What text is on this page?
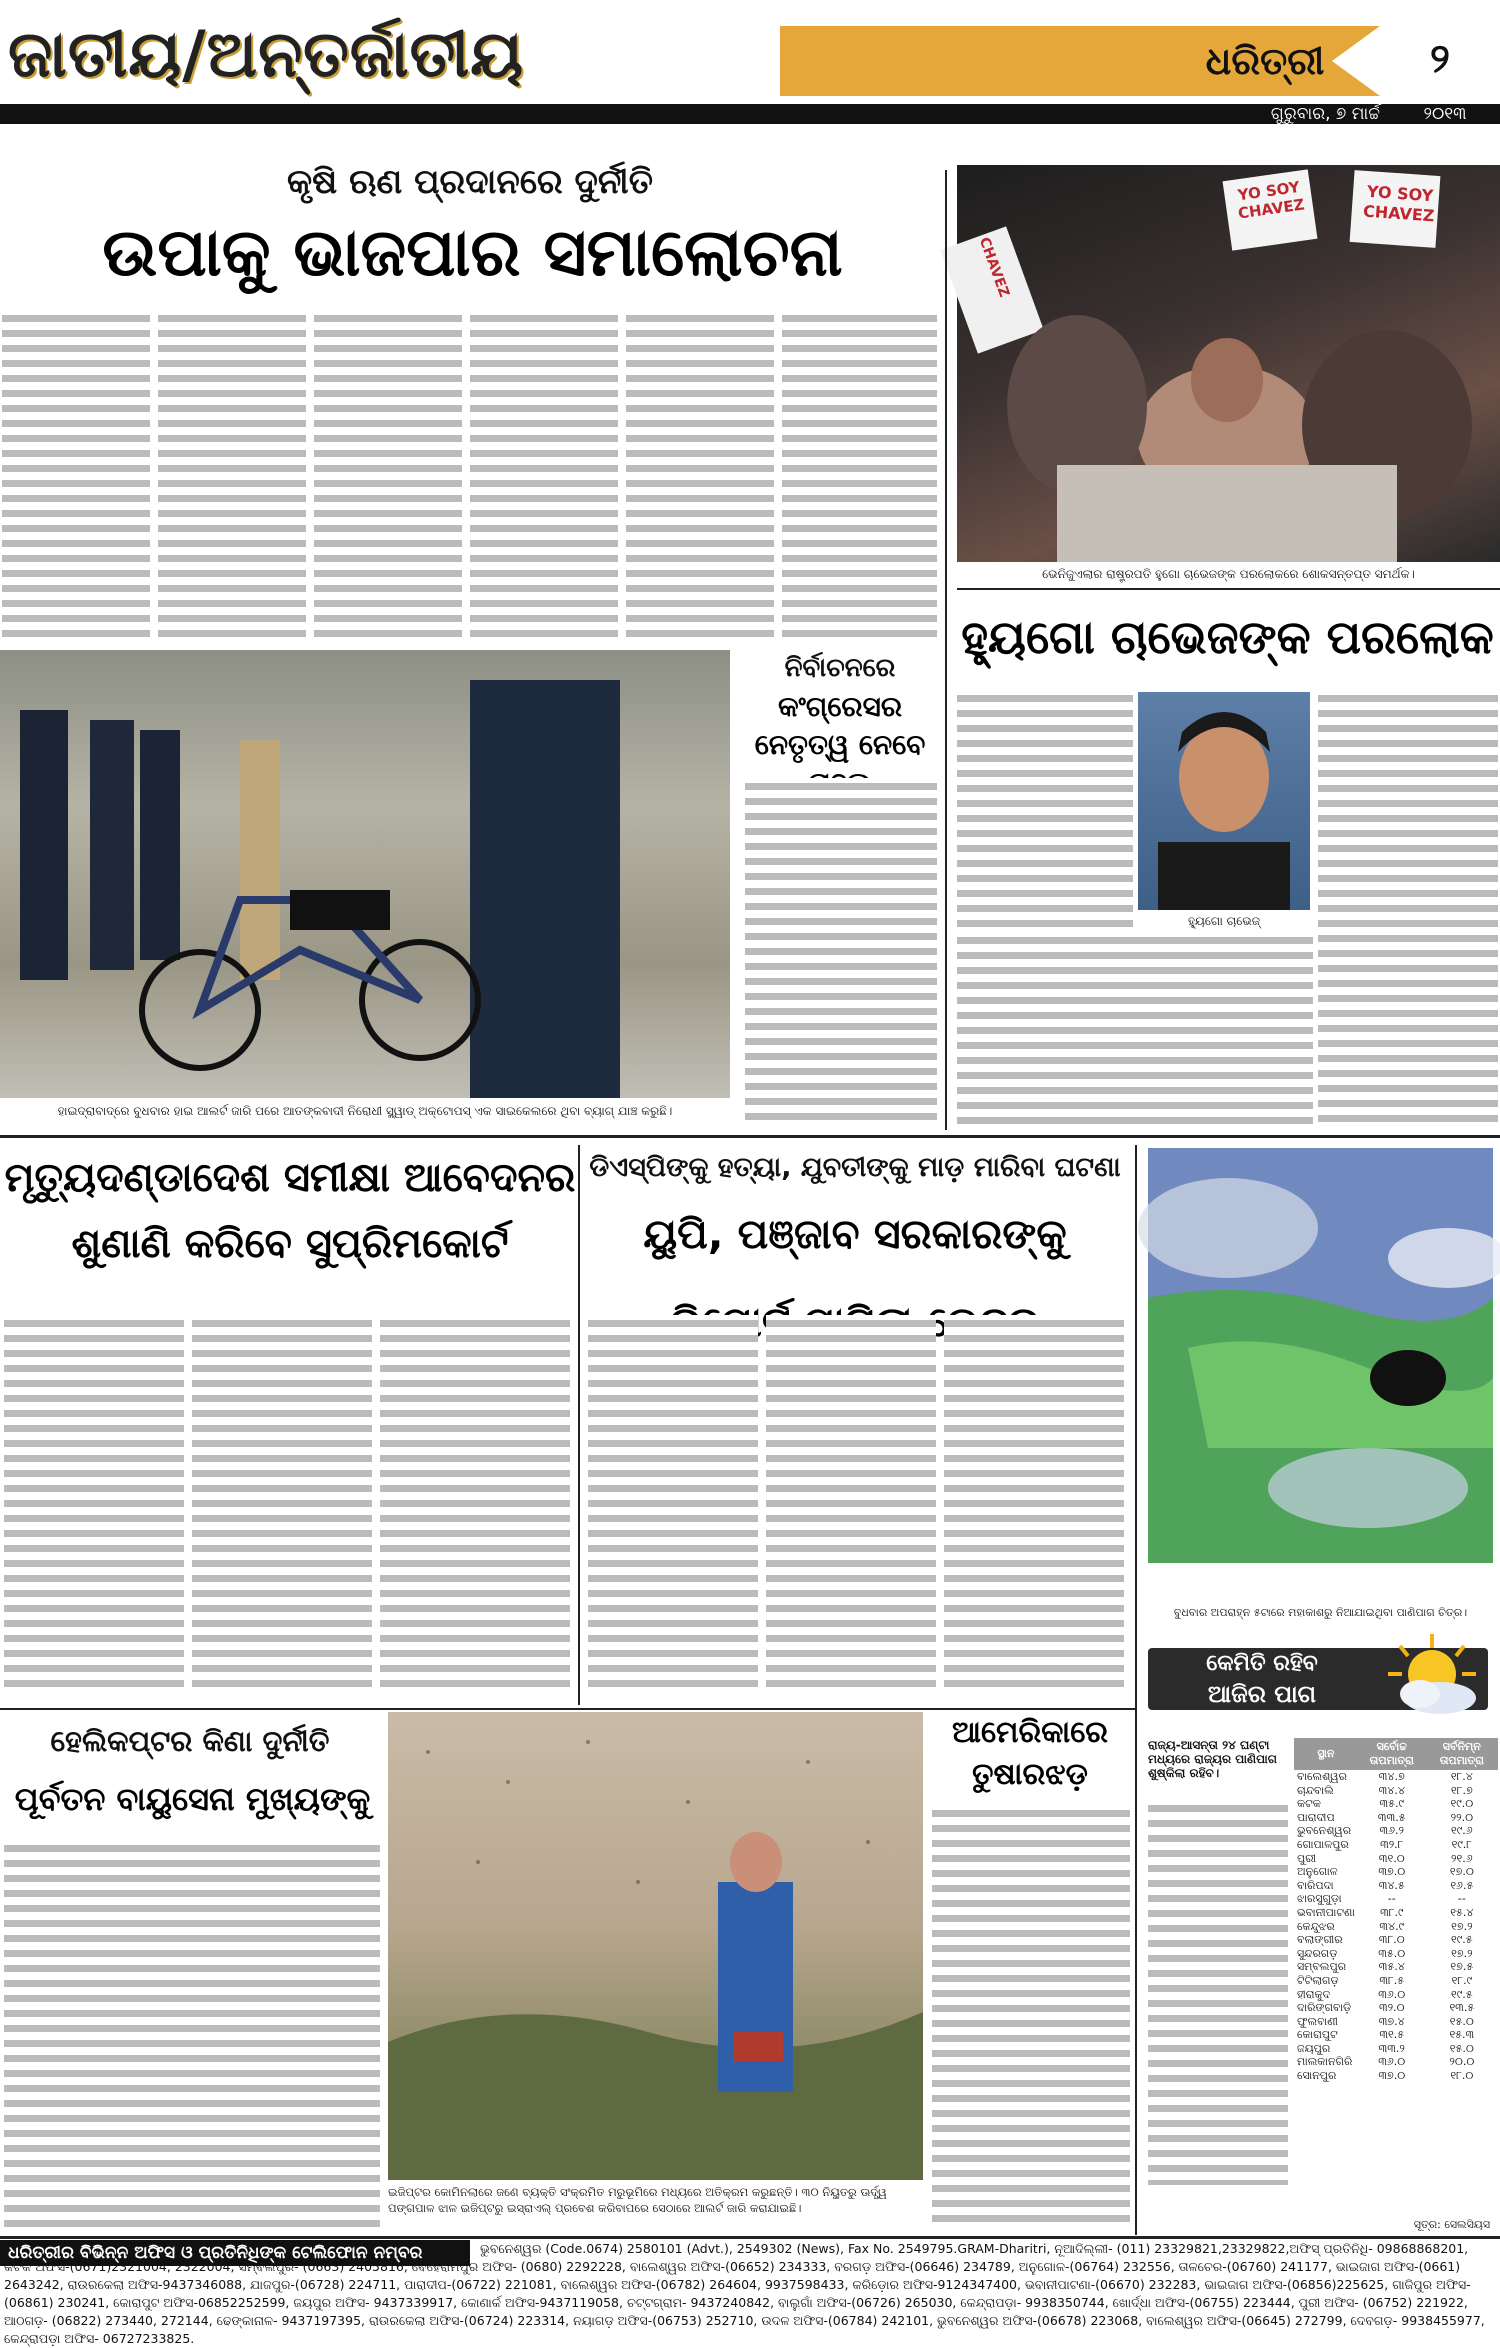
ଜାତୀୟ/ଅନ୍ତର୍ଜାତୀୟ	ଧରିତ୍ରୀ	୨
ଗୁରୁବାର, ୭ ମାର୍ଚ୍ଚ	୨୦୧୩
କୃଷି ଋଣ ପ୍ରଦାନରେ ଦୁର୍ନୀତି
ଉପାକୁ ଭାଜପାର ସମାଲୋଚନା
YO SOY CHAVEZ
YO SOY CHAVEZ
CHAVEZ
ଭେନିଜୁଏଲାର ରାଷ୍ଟ୍ରପତି ହୁଗୋ ଚାଭେଜଙ୍କ ପରଲୋକରେ ଶୋକସନ୍ତପ୍ତ ସମର୍ଥକ।
ହାଇଦ୍ରାବାଦ୍‌ରେ ବୁଧବାର ହାଇ ଆଲର୍ଟ ଜାରି ପରେ ଆତଙ୍କବାଦୀ ନିରୋଧୀ ସ୍କ୍ୱାଡ୍ ଅକ୍ଟୋପସ୍ ଏକ ସାଇକେଲରେ ଥିବା ବ୍ୟାଗ୍ ଯାଞ୍ଚ କରୁଛି।
ନିର୍ବାଚନରେ
କଂଗ୍ରେସର ନେତୃତ୍ୱ ନେବେ
ହ୍ୟୁଗୋ ଚାଭେଜଙ୍କ ପରଲୋକ
ହ୍ୟୁଗୋ ଚାଭେଜ୍
ମୃତ୍ୟୁଦଣ୍ଡାଦେଶ ସମୀକ୍ଷା ଆବେଦନର ଶୁଣାଣି କରିବେ ସୁପ୍ରିମକୋର୍ଟ
ଡିଏସ୍‌ପିଙ୍କୁ ହତ୍ୟା, ଯୁବତୀଙ୍କୁ ମାଡ଼ ମାରିବା ଘଟଣା
ୟୁପି, ପଞ୍ଜାବ ସରକାରଙ୍କୁ
ବୁଧବାର ଅପରାହ୍ନ ୫ଟାରେ ମହାକାଶରୁ ନିଆଯାଇଥିବା ପାଣିପାଗ ଚିତ୍ର।
କେମିତି ରହିବ
ଆଜିର ପାଗ
ରାଜ୍ୟ-ଆସନ୍ତା ୨୪ ଘଣ୍ଟା ମଧ୍ୟରେ ରାଜ୍ୟର ପାଣିପାଗ ଶୁଷ୍କିଲା ରହିବ।
ସ୍ଥାନ	ସର୍ବୋଚ୍ଚ ତାପମାତ୍ରା	ସର୍ବନିମ୍ନ ତାପମାତ୍ରା
ବାଲେଶ୍ୱର	୩୪.୭	୧୮.୪
ଚାନ୍ଦବାଲି	୩୪.୪	୧୮.୭
କଟକ	୩୫.୯	୧୯.୦
ପାରାଦୀପ	୩୩.୫	୨୨.୦
ଭୁବନେଶ୍ୱର	୩୬.୨	୧୯.୬
ଗୋପାଳପୁର	୩୨.୮	୧୯.୮
ପୁରୀ	୩୧.୦	୨୧.୬
ଅନୁଗୋଳ	୩୭.୦	୧୭.୦
ବାରିପଦା	୩୪.୫	୧୬.୫
ଝାରସୁଗୁଡ଼ା	--	--
ଭବାନୀପାଟଣା	୩୮.୯	୧୫.୪
କେନ୍ଦୁଝର	୩୪.୯	୧୭.୨
ବଲାଙ୍ଗୀର	୩୮.୦	୧୯.୫
ସୁନ୍ଦରଗଡ଼	୩୫.୦	୧୭.୨
ସମ୍ବଲପୁର	୩୫.୪	୧୭.୫
ଟିଟିଲାଗଡ଼	୩୮.୫	୧୮.୯
ହୀରାକୁଦ	୩୬.୦	୧୯.୫
ଦାରିଙ୍ଗବାଡ଼ି	୩୨.୦	୧୩.୫
ଫୁଲବାଣୀ	୩୭.୪	୧୫.୦
କୋରାପୁଟ	୩୧.୫	୧୫.୩
ଜୟପୁର	୩୩.୨	୧୫.୦
ମାଲକାନଗିରି	୩୬.୦	୨୦.୦
ସୋନପୁର	୩୭.୦	୧୮.୦
ସୂତ୍ର: ସେଲସିୟସ
ହେଲିକପ୍ଟର କିଣା ଦୁର୍ନୀତି
ପୂର୍ବତନ ବାୟୁସେନା ମୁଖ୍ୟଙ୍କୁ
ଇଜିପ୍ଟର କୋମିନଲାରେ ଜଣେ ବ୍ୟକ୍ତି ସଂକ୍ରମିତ ମରୁଭୂମିରେ ମଧ୍ୟରେ ଅତିକ୍ରମ କରୁଛନ୍ତି। ୩୦ ନିୟୁତରୁ ଊର୍ଦ୍ଧ୍ୱ ପଙ୍ଗପାଳ ଝାଳ ଇଜିପ୍ଟରୁ ଇସ୍ରାଏଲ୍ ପ୍ରବେଶ କରିବାପରେ ସେଠାରେ ଆଲର୍ଟ ଜାରି କରାଯାଇଛି।
ଆମେରିକାରେ ତୁଷାରଝଡ଼
ଧରିତ୍ରୀର ବିଭିନ୍ନ ଅଫିସ ଓ ପ୍ରତିନିଧିଙ୍କ ଟେଲିଫୋନ ନମ୍ବର	ଭୁବନେଶ୍ୱର (Code.0674) 2580101 (Advt.), 2549302 (News), Fax No. 2549795.GRAM-Dharitri, ନୂଆଦିଲ୍ଲୀ- (011) 23329821,23329822,ଅଫିସ୍ ପ୍ରତିନିଧି- 09868868201, କଟକ ଅଫିସ-(0671)2321004, 2322004, ସମ୍ବଲପୁର- (0663) 2405816, ବେହେରାମପୁର ଅଫିସ- (0680) 2292228, ବାଲେଶ୍ୱର ଅଫିସ-(06652) 234333, ବରଗଡ଼ ଅଫିସ-(06646) 234789, ଅନୁଗୋଳ-(06764) 232556, ତାଳଚେର-(06760) 241177, ଭାଇଜାଗ ଅଫିସ-(0661) 2643242, ରାଉରକେଲା ଅଫିସ-9437346088, ଯାଜପୁର-(06728) 224711, ପାରାଦୀପ-(06722) 221081, ବାଲେଶ୍ୱର ଅଫିସ-(06782) 264604, 9937598433, କରିଡ଼ୋର ଅଫିସ-9124347400, ଭବାନୀପାଟଣା-(06670) 232283, ଭାଇଜାଗ ଅଫିସ-(06856)225625, ଗାଜିପୁର ଅଫିସ- (06861) 230241, କୋରାପୁଟ ଅଫିସ-06852252599, ଜୟପୁର ଅଫିସ- 9437339917, କୋଣାର୍କ ଅଫିସ-9437119058, ଚଟ୍ଟଗ୍ରାମ- 9437240842, ବାଲୁଗାଁ ଅଫିସ-(06726) 265030, କେନ୍ଦ୍ରାପଡ଼ା- 9938350744, ଖୋର୍ଦ୍ଧା ଅଫିସ-(06755) 223444, ପୁରୀ ଅଫିସ- (06752) 221922, ଆଠଗଡ଼- (06822) 273440, 272144, ଢେଙ୍କାନାଳ- 9437197395, ରାଉରକେଲା ଅଫିସ-(06724) 223314, ନୟାଗଡ଼ ଅଫିସ-(06753) 252710, ଉଦଳ ଅଫିସ-(06784) 242101, ଭୁବନେଶ୍ୱର ଅଫିସ-(06678) 223068, ବାଲେଶ୍ୱର ଅଫିସ-(06645) 272799, ଦେବଗଡ଼- 9938455977, କେନ୍ଦ୍ରାପଡ଼ା ଅଫିସ- 06727233825.
